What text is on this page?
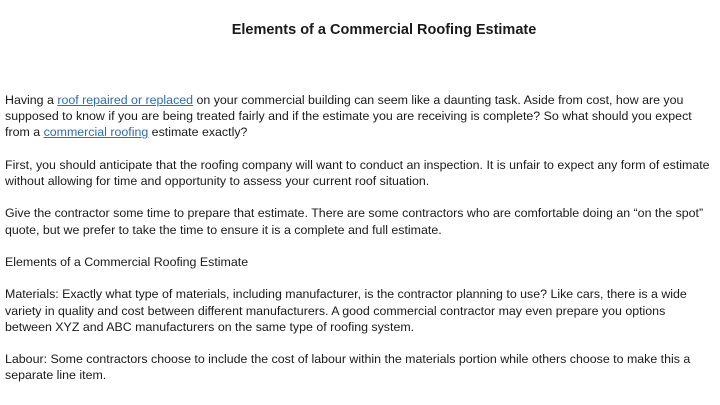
Elements of a Commercial Roofing Estimate

Having a roof repaired or replaced on your commercial building can seem like a daunting task. Aside from cost, how are you supposed to know if you are being treated fairly and if the estimate you are receiving is complete? So what should you expect from a commercial roofing estimate exactly?

First, you should anticipate that the roofing company will want to conduct an inspection. It is unfair to expect any form of estimate without allowing for time and opportunity to assess your current roof situation.

Give the contractor some time to prepare that estimate. There are some contractors who are comfortable doing an “on the spot” quote, but we prefer to take the time to ensure it is a complete and full estimate.

Elements of a Commercial Roofing Estimate

Materials: Exactly what type of materials, including manufacturer, is the contractor planning to use? Like cars, there is a wide variety in quality and cost between different manufacturers. A good commercial contractor may even prepare you options between XYZ and ABC manufacturers on the same type of roofing system.

Labour: Some contractors choose to include the cost of labour within the materials portion while others choose to make this a separate line item.
